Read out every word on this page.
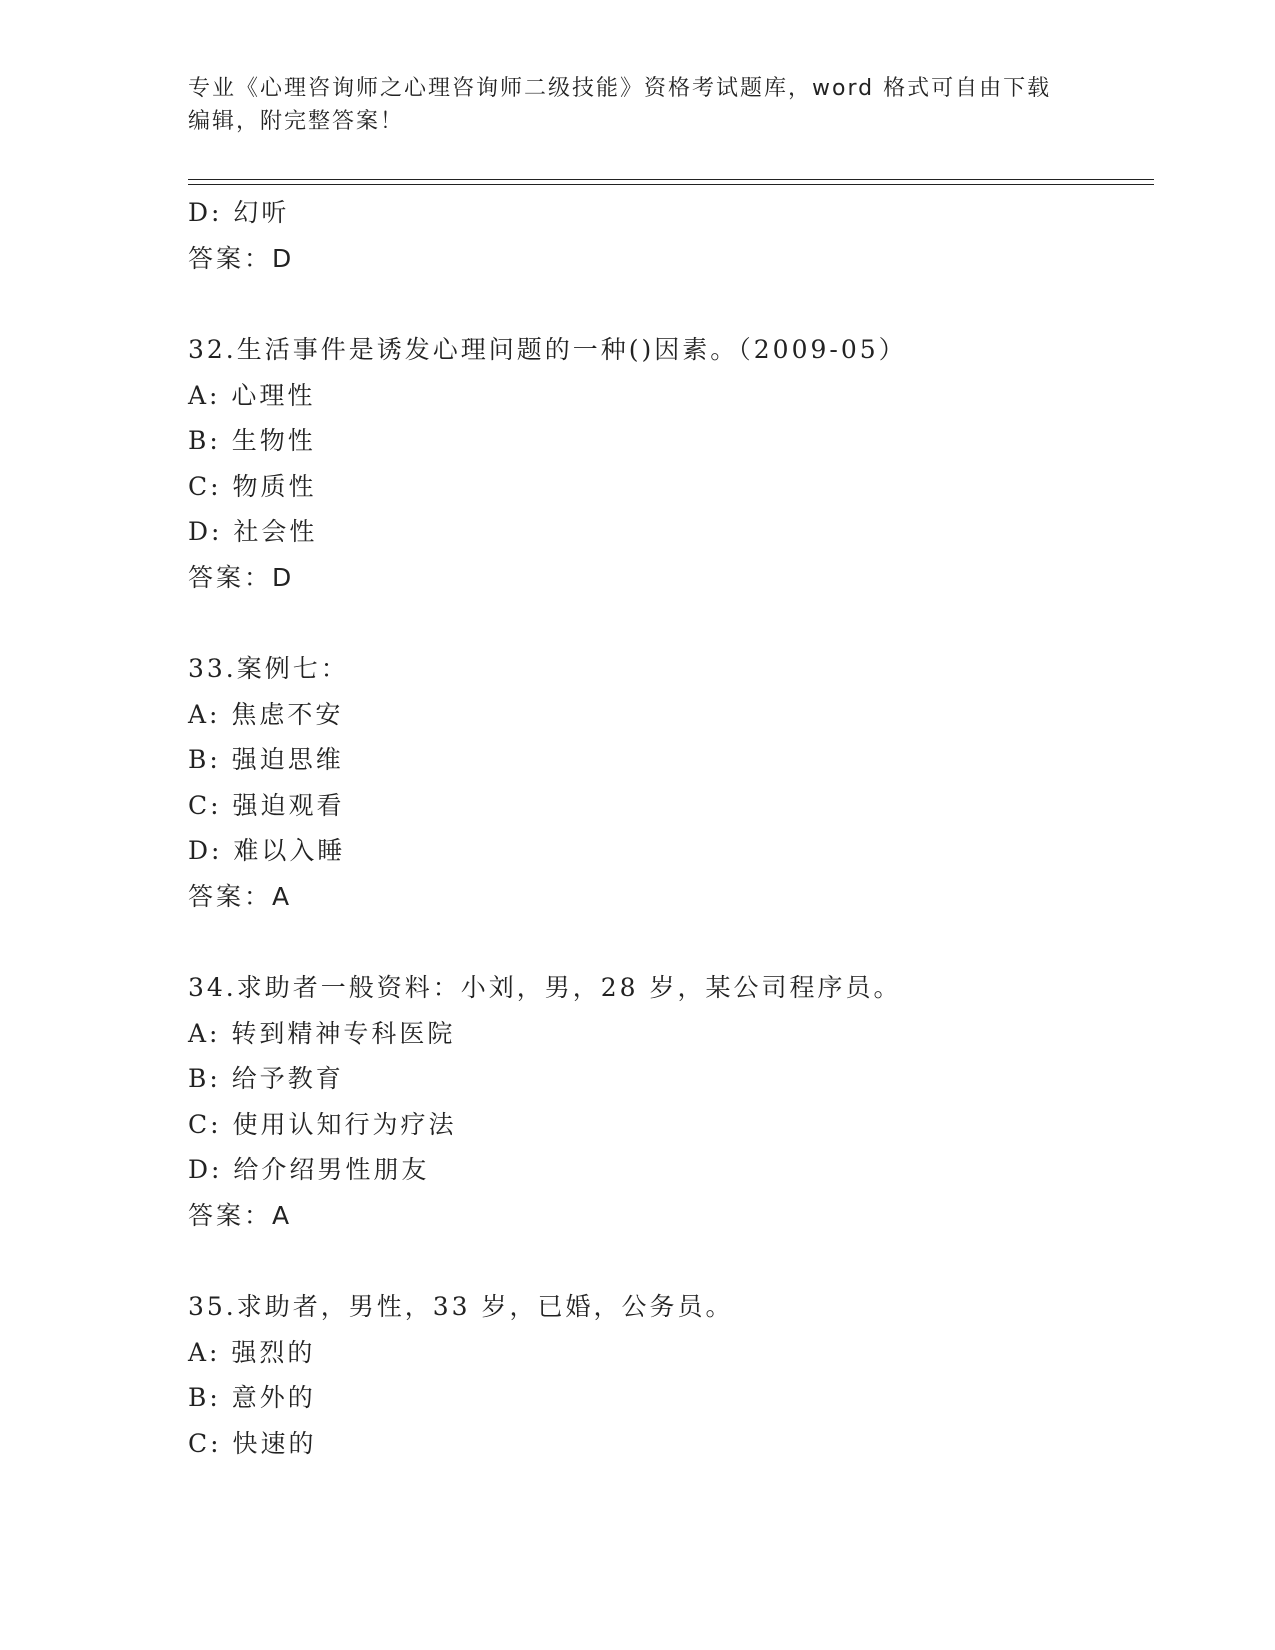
专业《心理咨询师之心理咨询师二级技能》资格考试题库，word 格式可自由下载
编辑，附完整答案！
D: 幻听
答案：D
32.生活事件是诱发心理问题的一种()因素。（2009-05）
A: 心理性
B: 生物性
C: 物质性
D: 社会性
答案：D
33.案例七：
A: 焦虑不安
B: 强迫思维
C: 强迫观看
D: 难以入睡
答案：A
34.求助者一般资料：小刘，男，28 岁，某公司程序员。
A: 转到精神专科医院
B: 给予教育
C: 使用认知行为疗法
D: 给介绍男性朋友
答案：A
35.求助者，男性，33 岁，已婚，公务员。
A: 强烈的
B: 意外的
C: 快速的
